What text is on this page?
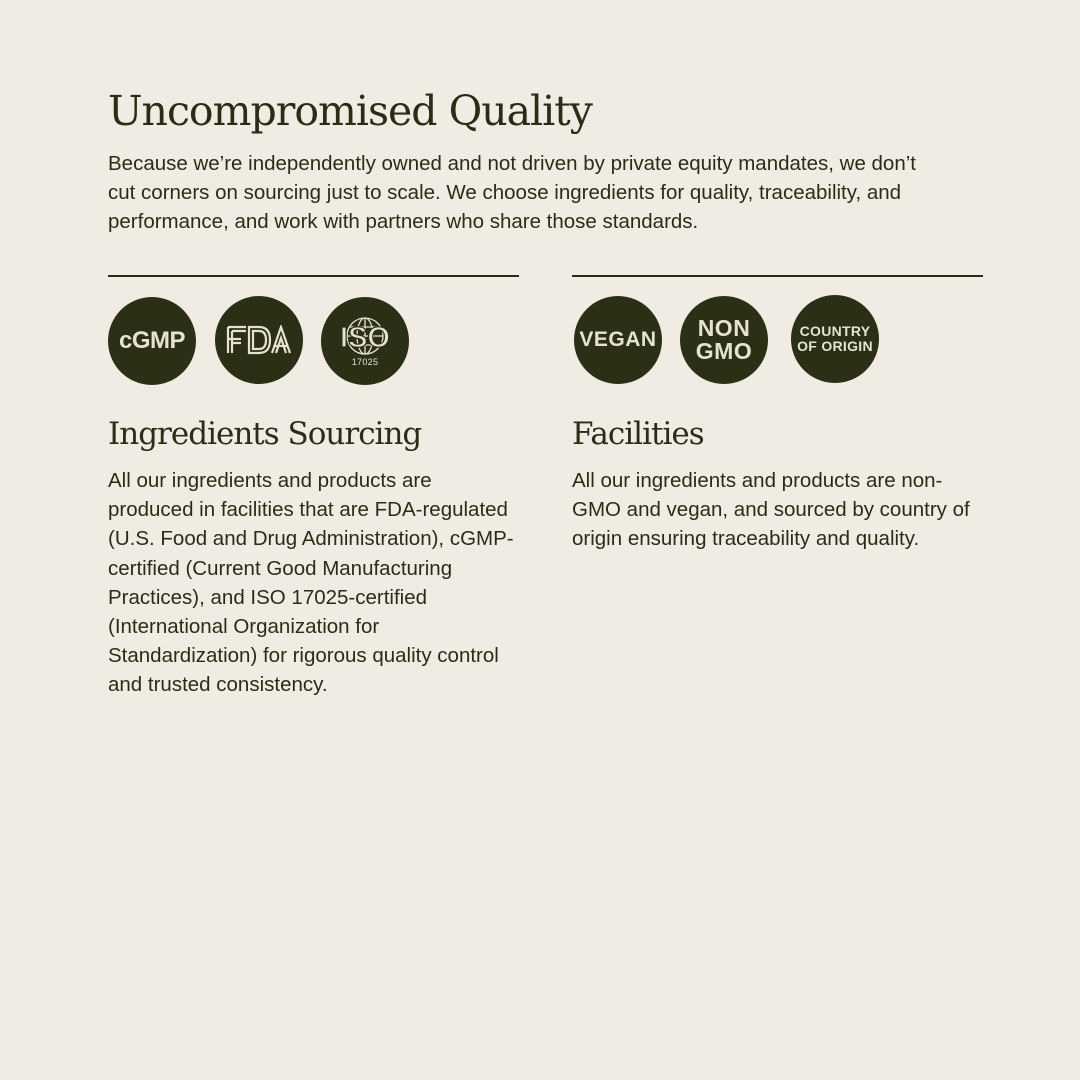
Uncompromised Quality

Because we’re independently owned and not driven by private equity mandates, we don’t cut corners on sourcing just to scale. We choose ingredients for quality, traceability, and performance, and work with partners who share those standards.

cGMP	ISO
17025
Ingredients Sourcing

All our ingredients and products are produced in facilities that are FDA-regulated (U.S. Food and Drug Administration), cGMP-certified (Current Good Manufacturing Practices), and ISO 17025-certified (International Organization for Standardization) for rigorous quality control and trusted consistency.

VEGAN NON GMO
COUNTRY OF ORIGIN
Facilities

All our ingredients and products are non-GMO and vegan, and sourced by country of origin ensuring traceability and quality.
